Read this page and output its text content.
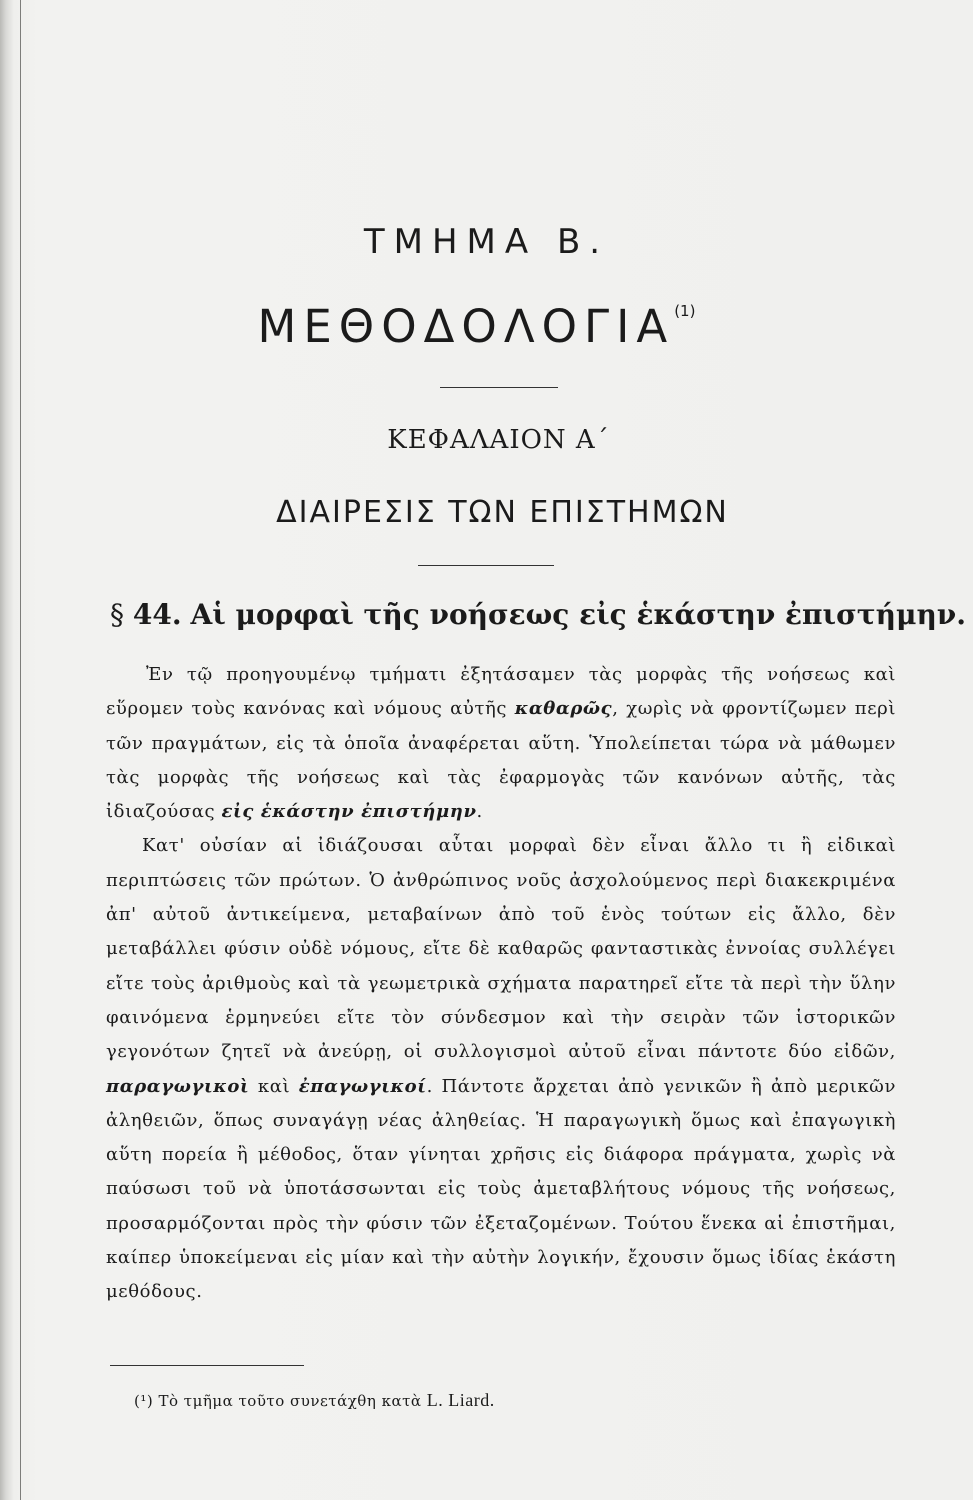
ΤΜΗΜΑ Β.
ΜΕΘΟΔΟΛΟΓΙΑ$^{(1)}$
ΚΕΦΑΛΑΙΟΝ Α΄
ΔΙΑΙΡΕΣΙΣ ΤΩΝ ΕΠΙΣΤΗΜΩΝ
§ 44. Αἱ μορφαὶ τῆς νοήσεως εἰς ἑκάστην ἐπιστήμην.

Ἐν τῷ προηγουμένῳ τμήματι ἐξητάσαμεν τὰς μορφὰς τῆς νοήσεως καὶ εὕρομεν τοὺς κανόνας καὶ νόμους αὐτῆς καθαρῶς, χωρὶς νὰ φροντίζωμεν περὶ τῶν πραγμάτων, εἰς τὰ ὁποῖα ἀναφέρεται αὕτη. Ὑπολείπεται τώρα νὰ μάθωμεν τὰς μορφὰς τῆς νοήσεως καὶ τὰς ἐφαρμογὰς τῶν κανόνων αὐτῆς, τὰς ἰδιαζούσας εἰς ἑκάστην ἐπιστήμην.

Κατ' οὐσίαν αἱ ἰδιάζουσαι αὗται μορφαὶ δὲν εἶναι ἄλλο τι ἢ εἰδικαὶ περιπτώσεις τῶν πρώτων. Ὁ ἀνθρώπινος νοῦς ἀσχολούμενος περὶ διακεκριμένα ἀπ' αὐτοῦ ἀντικείμενα, μεταβαίνων ἀπὸ τοῦ ἑνὸς τούτων εἰς ἄλλο, δὲν μεταβάλλει φύσιν οὐδὲ νόμους, εἴτε δὲ καθαρῶς φανταστικὰς ἐννοίας συλλέγει εἴτε τοὺς ἀριθμοὺς καὶ τὰ γεωμετρικὰ σχήματα παρατηρεῖ εἴτε τὰ περὶ τὴν ὕλην φαινόμενα ἑρμηνεύει εἴτε τὸν σύνδεσμον καὶ τὴν σειρὰν τῶν ἱστορικῶν γεγονότων ζητεῖ νὰ ἀνεύρῃ, οἱ συλλογισμοὶ αὐτοῦ εἶναι πάντοτε δύο εἰδῶν, παραγωγικοὶ καὶ ἐπαγωγικοί. Πάντοτε ἄρχεται ἀπὸ γενικῶν ἢ ἀπὸ μερικῶν ἀληθειῶν, ὅπως συναγάγῃ νέας ἀληθείας. Ἡ παραγωγικὴ ὅμως καὶ ἐπαγωγικὴ αὕτη πορεία ἢ μέθοδος, ὅταν γίνηται χρῆσις εἰς διάφορα πράγματα, χωρὶς νὰ παύσωσι τοῦ νὰ ὑποτάσσωνται εἰς τοὺς ἀμεταβλήτους νόμους τῆς νοήσεως, προσαρμόζονται πρὸς τὴν φύσιν τῶν ἐξεταζομένων. Τούτου ἕνεκα αἱ ἐπιστῆμαι, καίπερ ὑποκείμεναι εἰς μίαν καὶ τὴν αὐτὴν λογικήν, ἔχουσιν ὅμως ἰδίας ἑκάστη μεθόδους.

(¹) Τὸ τμῆμα τοῦτο συνετάχθη κατὰ L. Liard.
